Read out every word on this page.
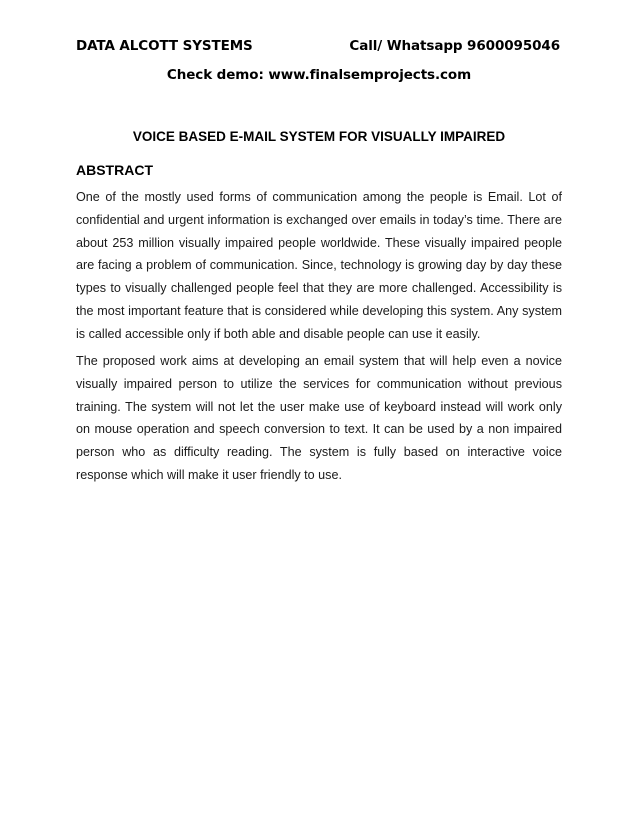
DATA ALCOTT SYSTEMS	Call/ Whatsapp 9600095046
Check demo: www.finalsemprojects.com
VOICE BASED E-MAIL SYSTEM FOR VISUALLY IMPAIRED
ABSTRACT

One of the mostly used forms of communication among the people is Email. Lot of confidential and urgent information is exchanged over emails in today’s time. There are about 253 million visually impaired people worldwide. These visually impaired people are facing a problem of communication. Since, technology is growing day by day these types to visually challenged people feel that they are more challenged. Accessibility is the most important feature that is considered while developing this system. Any system is called accessible only if both able and disable people can use it easily.

The proposed work aims at developing an email system that will help even a novice visually impaired person to utilize the services for communication without previous training. The system will not let the user make use of keyboard instead will work only on mouse operation and speech conversion to text. It can be used by a non impaired person who as difficulty reading. The system is fully based on interactive voice response which will make it user friendly to use.
